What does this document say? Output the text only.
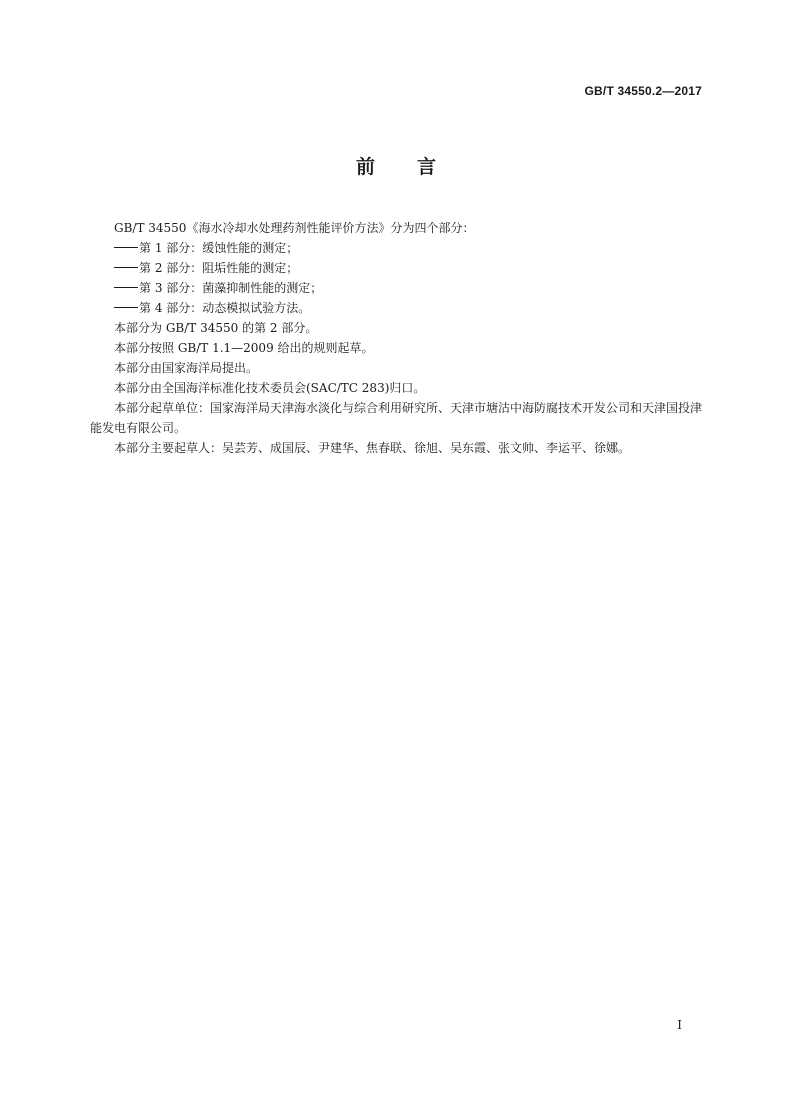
GB/T 34550.2—2017
前言

GB/T 34550《海水冷却水处理药剂性能评价方法》分为四个部分：

第 1 部分：缓蚀性能的测定；

第 2 部分：阻垢性能的测定；

第 3 部分：菌藻抑制性能的测定；

第 4 部分：动态模拟试验方法。

本部分为 GB/T 34550 的第 2 部分。

本部分按照 GB/T 1.1—2009 给出的规则起草。

本部分由国家海洋局提出。

本部分由全国海洋标准化技术委员会(SAC/TC 283)归口。

本部分起草单位：国家海洋局天津海水淡化与综合利用研究所、天津市塘沽中海防腐技术开发公司和天津国投津能发电有限公司。

本部分主要起草人：吴芸芳、成国辰、尹建华、焦春联、徐旭、吴东霞、张文帅、李运平、徐娜。

I
